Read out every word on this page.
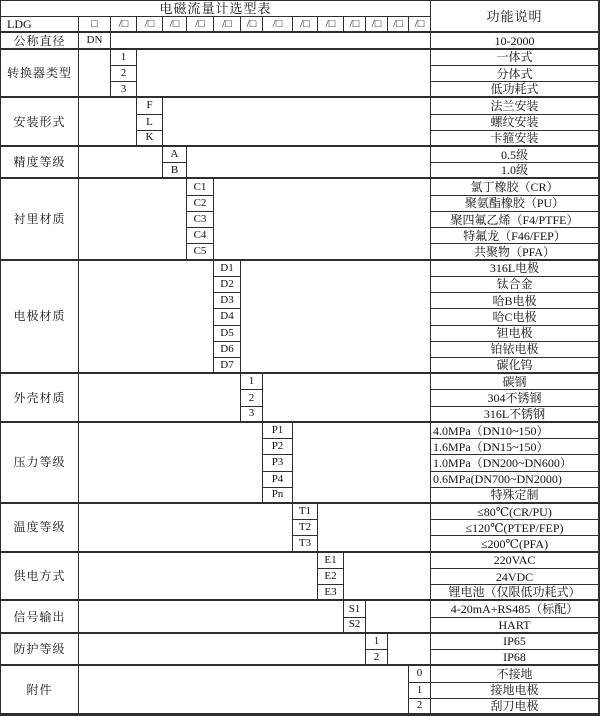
电磁流量计选型表
功能说明
LDG	□	/□	/□	/□	/□	/□	/□	/□	/□	/□	/□	/□	/□	/□
公称直径	DN	10-2000
转换器类型
1	一体式
2	分体式
3	低功耗式
安装形式
F	法兰安装
L	螺纹安装
K	卡箍安装
精度等级
A	0.5级
B	1.0级
衬里材质
C1	氯丁橡胶（CR）
C2	聚氨酯橡胶（PU）
C3	聚四氟乙烯（F4/PTFE）
C4	特氟龙（F46/FEP）
C5	共聚物（PFA）
电极材质
D1	316L电极
D2	钛合金
D3	哈B电极
D4	哈C电极
D5	钽电极
D6	铂铱电极
D7	碳化钨
外壳材质
1	碳钢
2	304不锈钢
3	316L不锈钢
压力等级
P1	4.0MPa（DN10~150）
P2	1.6MPa（DN15~150）
P3	1.0MPa（DN200~DN600）
P4	0.6MPa(DN700~DN2000)
Pn	特殊定制
温度等级
T1	≤80℃(CR/PU)
T2	≤120℃(PTEP/FEP)
T3	≤200℃(PFA)
供电方式
E1	220VAC
E2	24VDC
E3	锂电池（仅限低功耗式）
信号输出
S1	4-20mA+RS485（标配）
S2	HART
防护等级
1	IP65
2	IP68
附件
0	不接地
1	接地电极
2	刮刀电极
